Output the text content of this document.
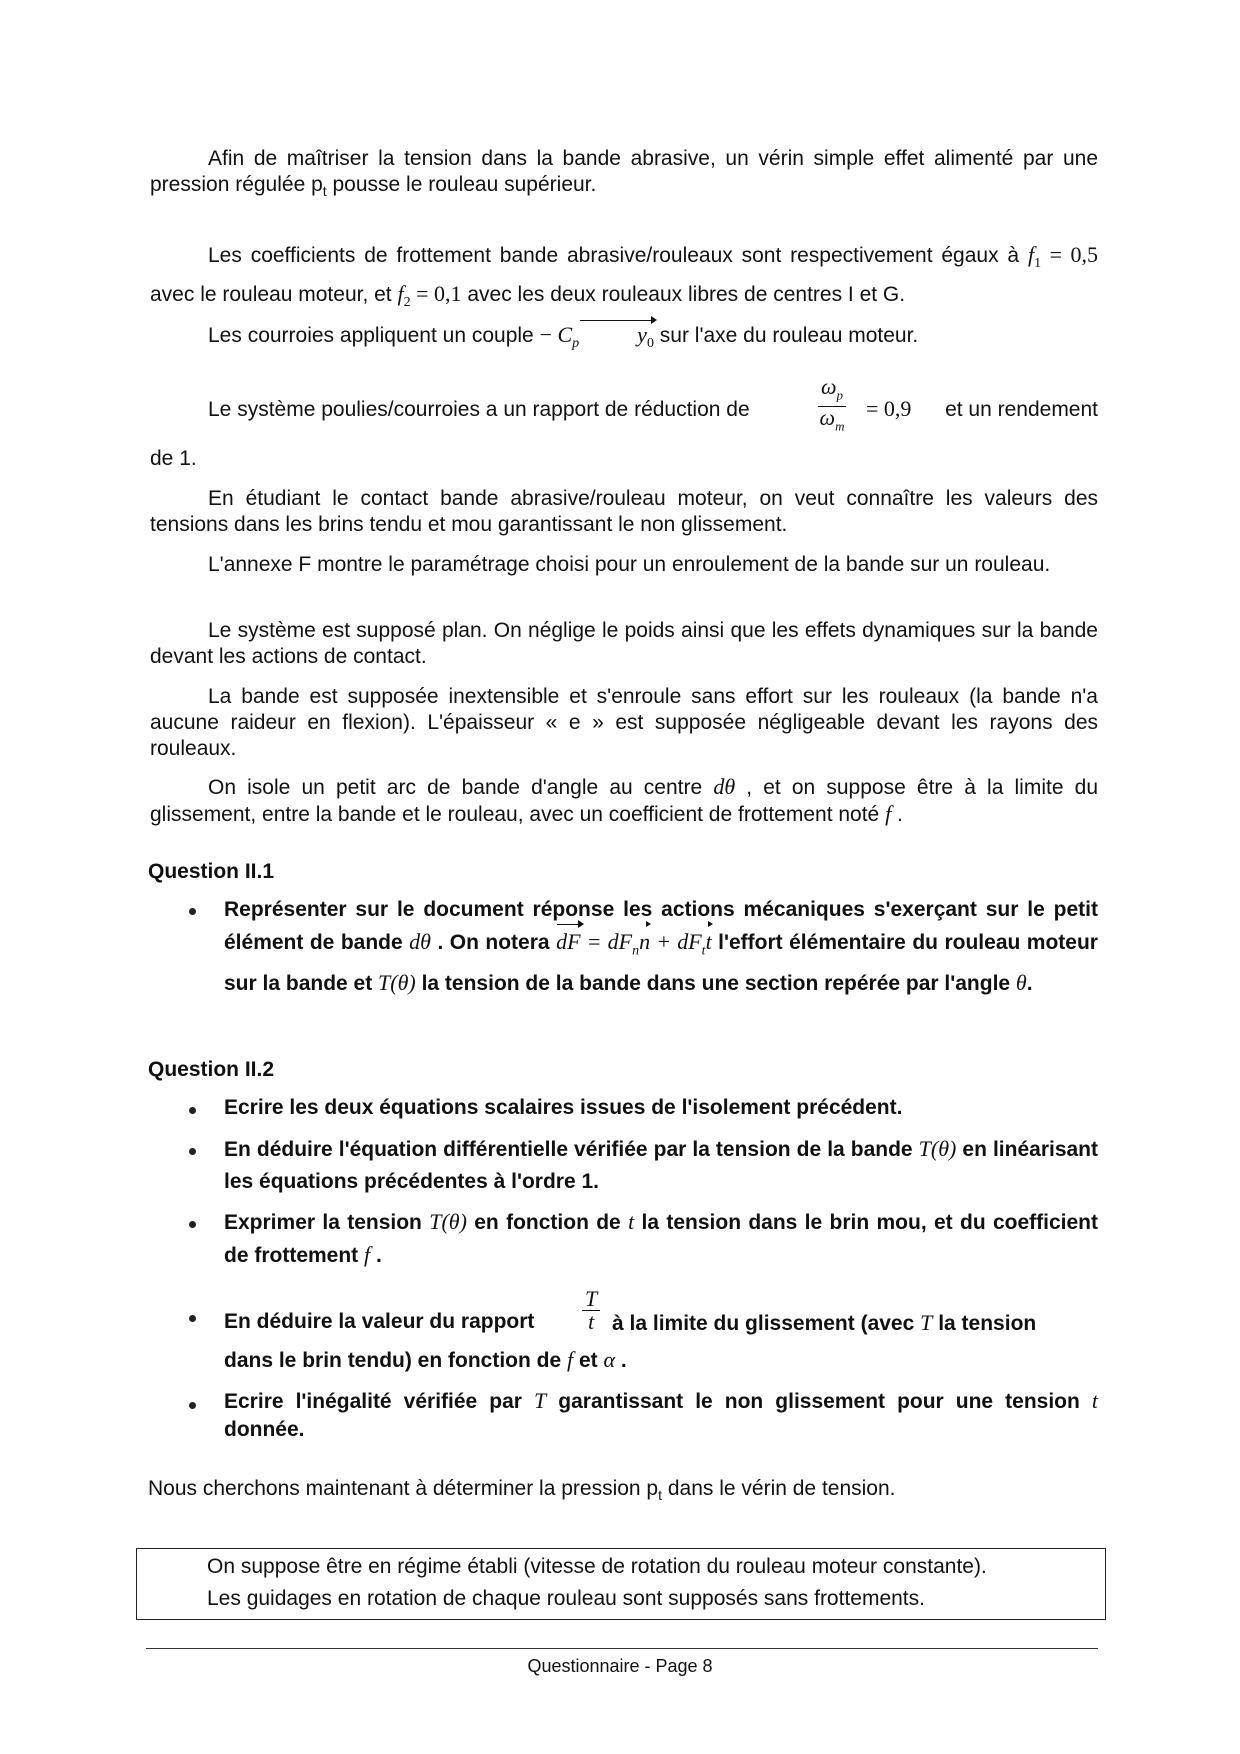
Afin de maîtriser la tension dans la bande abrasive, un vérin simple effet alimenté par une pression régulée $p_t$ pousse le rouleau supérieur.

Les coefficients de frottement bande abrasive/rouleaux sont respectivement égaux à $f_1 = 0,5$ avec le rouleau moteur, et $f_2 = 0,1$ avec les deux rouleaux libres de centres I et G.

Les courroies appliquent un couple − $C_p$	$y_0$ sur l'axe du rouleau moteur.

Le système poulies/courroies a un rapport de réduction de	$\frac{\omega_p}{\omega_m} = 0,9$ et un rendement

de 1.

En étudiant le contact bande abrasive/rouleau moteur, on veut connaître les valeurs des tensions dans les brins tendu et mou garantissant le non glissement.

L'annexe F montre le paramétrage choisi pour un enroulement de la bande sur un rouleau.

Le système est supposé plan. On néglige le poids ainsi que les effets dynamiques sur la bande devant les actions de contact.

La bande est supposée inextensible et s'enroule sans effort sur les rouleaux (la bande n'a aucune raideur en flexion). L'épaisseur « e » est supposée négligeable devant les rayons des rouleaux.

On isole un petit arc de bande d'angle au centre dθ , et on suppose être à la limite du glissement, entre la bande et le rouleau, avec un coefficient de frottement noté f .

Question II.1

Représenter sur le document réponse les actions mécaniques s'exerçant sur le petit élément de bande dθ . On notera dF = $dF_nn + dF_tt$ l'effort élémentaire du rouleau moteur sur la bande et T(θ) la tension de la bande dans une section repérée par l'angle θ.

Question II.2

Ecrire les deux équations scalaires issues de l'isolement précédent.

En déduire l'équation différentielle vérifiée par la tension de la bande T(θ) en linéarisant les équations précédentes à l'ordre 1.

Exprimer la tension T(θ) en fonction de t la tension dans le brin mou, et du coefficient de frottement f .

En déduire la valeur du rapport $\frac{T}{t}$ à la limite du glissement (avec T la tension

dans le brin tendu) en fonction de f et α .

Ecrire l'inégalité vérifiée par T garantissant le non glissement pour une tension t donnée.

Nous cherchons maintenant à déterminer la pression $p_t$ dans le vérin de tension.

On suppose être en régime établi (vitesse de rotation du rouleau moteur constante).

Les guidages en rotation de chaque rouleau sont supposés sans frottements.

Questionnaire - Page 8
